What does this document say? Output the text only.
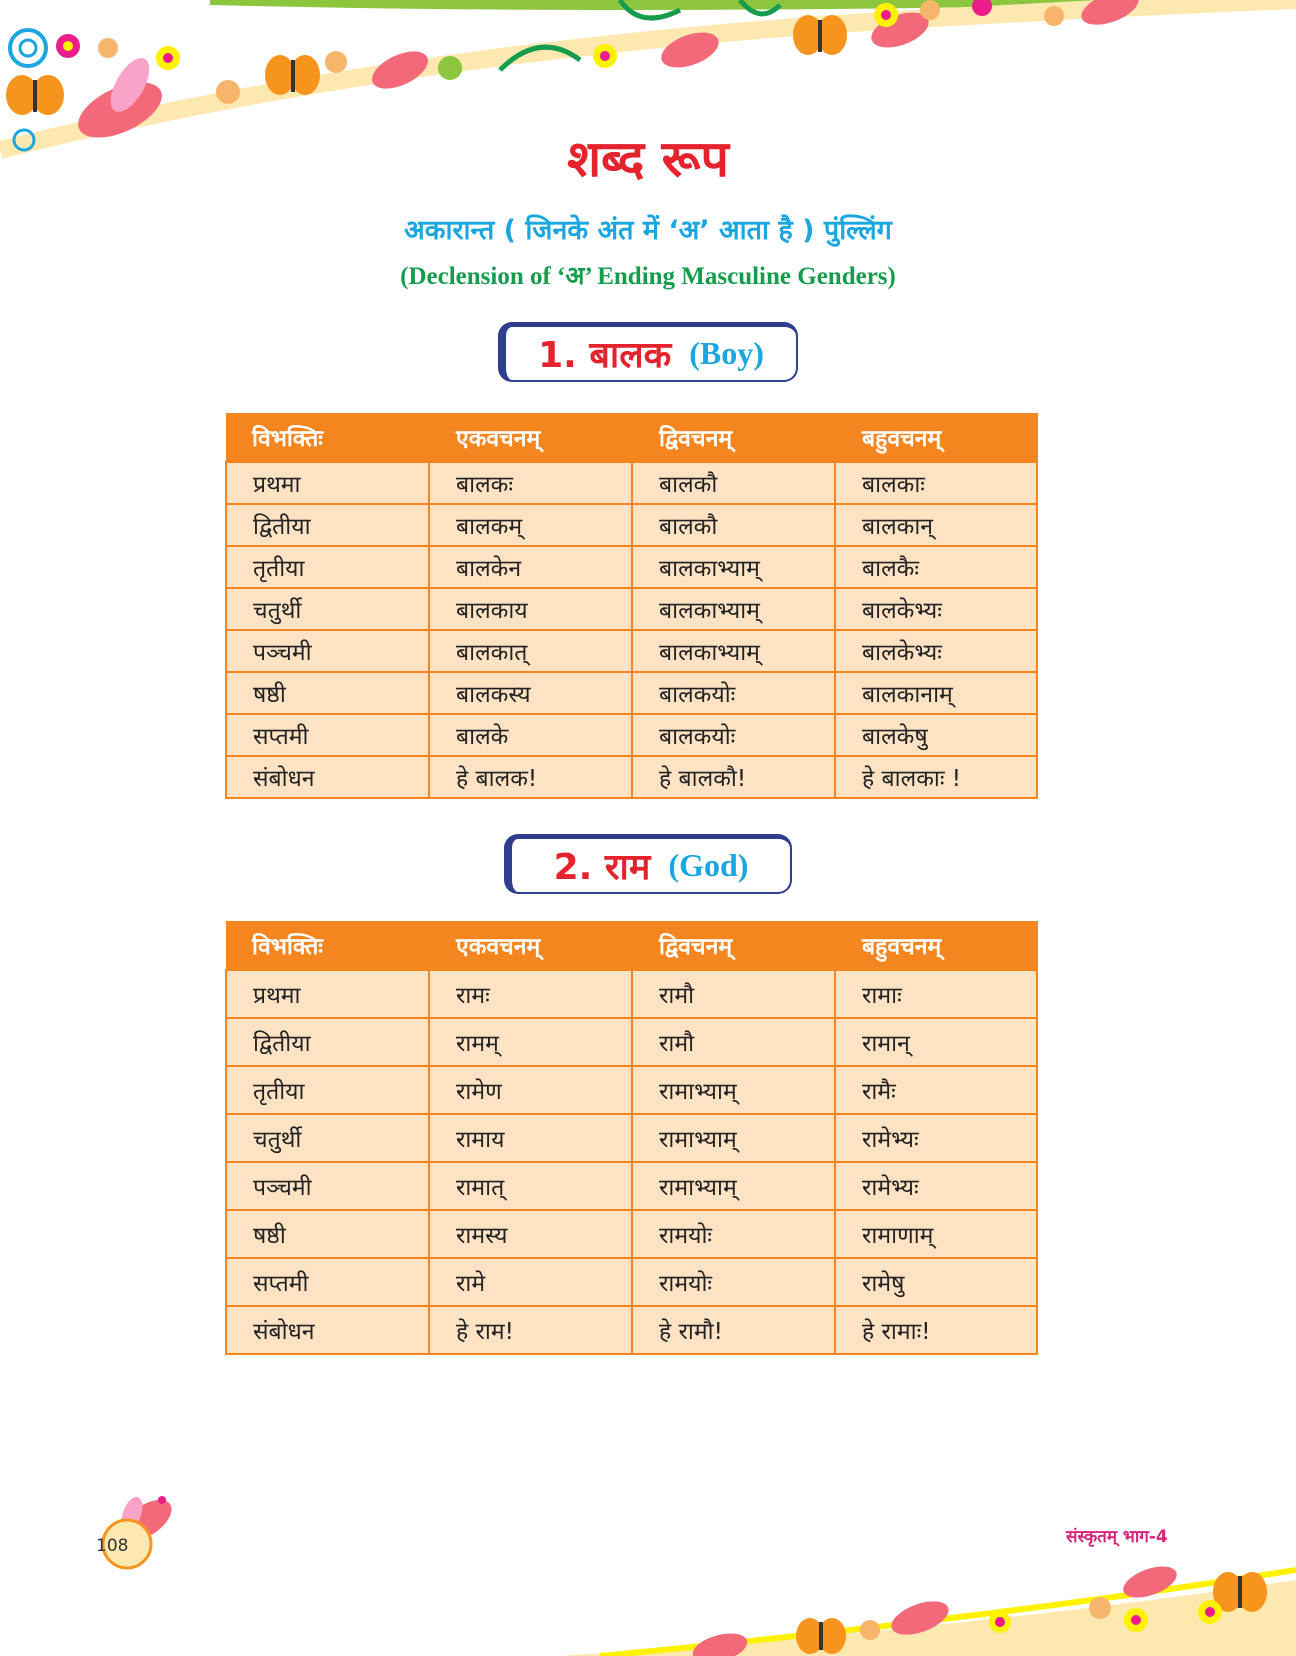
शब्द रूप
अकारान्त ( जिनके अंत में ‘अ’ आता है ) पुंल्लिंग
(Declension of ‘अ’ Ending Masculine Genders)
1. बालक (Boy)
विभक्तिः	एकवचनम्	द्विवचनम्	बहुवचनम्
प्रथमा	बालकः	बालकौ	बालकाः
द्वितीया	बालकम्	बालकौ	बालकान्
तृतीया	बालकेन	बालकाभ्याम्	बालकैः
चतुर्थी	बालकाय	बालकाभ्याम्	बालकेभ्यः
पञ्चमी	बालकात्	बालकाभ्याम्	बालकेभ्यः
षष्ठी	बालकस्य	बालकयोः	बालकानाम्
सप्तमी	बालके	बालकयोः	बालकेषु
संबोधन	हे बालक!	हे बालकौ!	हे बालकाः !
2. राम (God)
विभक्तिः	एकवचनम्	द्विवचनम्	बहुवचनम्
प्रथमा	रामः	रामौ	रामाः
द्वितीया	रामम्	रामौ	रामान्
तृतीया	रामेण	रामाभ्याम्	रामैः
चतुर्थी	रामाय	रामाभ्याम्	रामेभ्यः
पञ्चमी	रामात्	रामाभ्याम्	रामेभ्यः
षष्ठी	रामस्य	रामयोः	रामाणाम्
सप्तमी	रामे	रामयोः	रामेषु
संबोधन	हे राम!	हे रामौ!	हे रामाः!
108	संस्कृतम् भाग-4
